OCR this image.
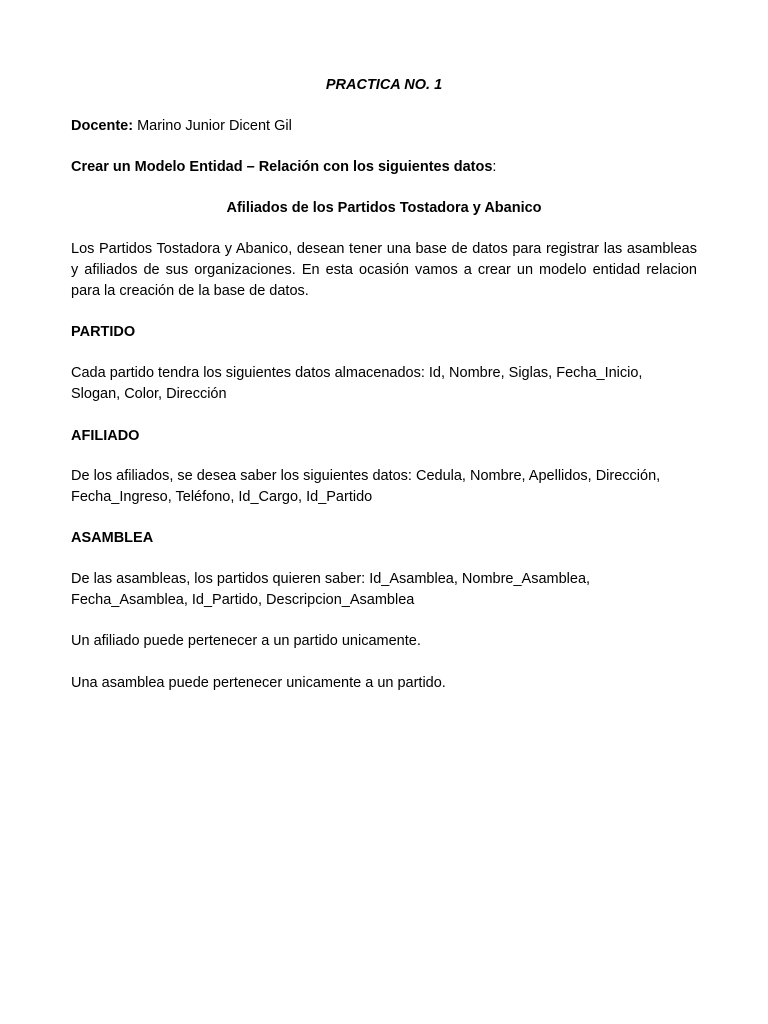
PRACTICA NO. 1

Docente: Marino Junior Dicent Gil

Crear un Modelo Entidad – Relación con los siguientes datos:

Afiliados de los Partidos Tostadora y Abanico

Los Partidos Tostadora y Abanico, desean tener una base de datos para registrar las asambleas y afiliados de sus organizaciones. En esta ocasión vamos a crear un modelo entidad relacion para la creación de la base de datos.

PARTIDO

Cada partido tendra los siguientes datos almacenados: Id, Nombre, Siglas, Fecha_Inicio,
Slogan, Color, Dirección

AFILIADO

De los afiliados, se desea saber los siguientes datos: Cedula, Nombre, Apellidos, Dirección,
Fecha_Ingreso, Teléfono, Id_Cargo, Id_Partido

ASAMBLEA

De las asambleas, los partidos quieren saber: Id_Asamblea, Nombre_Asamblea,
Fecha_Asamblea, Id_Partido, Descripcion_Asamblea

Un afiliado puede pertenecer a un partido unicamente.

Una asamblea puede pertenecer unicamente a un partido.
